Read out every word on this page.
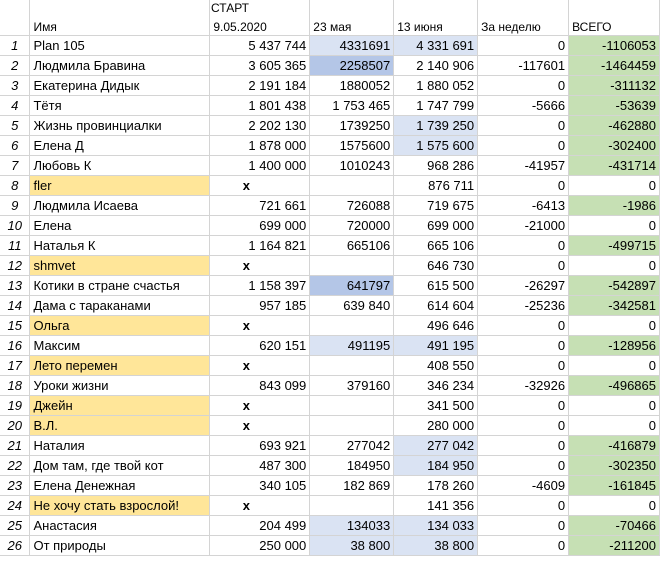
СТАРТ
	Имя	9.05.2020	23 мая	13 июня	За неделю	ВСЕГО
1	Plan 105	5 437 744	4331691	4 331 691	0	-1106053
2	Людмила Бравина	3 605 365	2258507	2 140 906	-117601	-1464459
3	Екатерина Дидык	2 191 184	1880052	1 880 052	0	-311132
4	Тётя	1 801 438	1 753 465	1 747 799	-5666	-53639
5	Жизнь провинциалки	2 202 130	1739250	1 739 250	0	-462880
6	Елена Д	1 878 000	1575600	1 575 600	0	-302400
7	Любовь К	1 400 000	1010243	968 286	-41957	-431714
8	fler	x		876 711	0	0
9	Людмила Исаева	721 661	726088	719 675	-6413	-1986
10	Елена	699 000	720000	699 000	-21000	0
11	Наталья К	1 164 821	665106	665 106	0	-499715
12	shmvet	x		646 730	0	0
13	Котики в стране счастья	1 158 397	641797	615 500	-26297	-542897
14	Дама с тараканами	957 185	639 840	614 604	-25236	-342581
15	Ольга	x		496 646	0	0
16	Максим	620 151	491195	491 195	0	-128956
17	Лето перемен	x		408 550	0	0
18	Уроки жизни	843 099	379160	346 234	-32926	-496865
19	Джейн	x		341 500	0	0
20	В.Л.	x		280 000	0	0
21	Наталия	693 921	277042	277 042	0	-416879
22	Дом там, где твой кот	487 300	184950	184 950	0	-302350
23	Елена Денежная	340 105	182 869	178 260	-4609	-161845
24	Не хочу стать взрослой!	x		141 356	0	0
25	Анастасия	204 499	134033	134 033	0	-70466
26	От природы	250 000	38 800	38 800	0	-211200
